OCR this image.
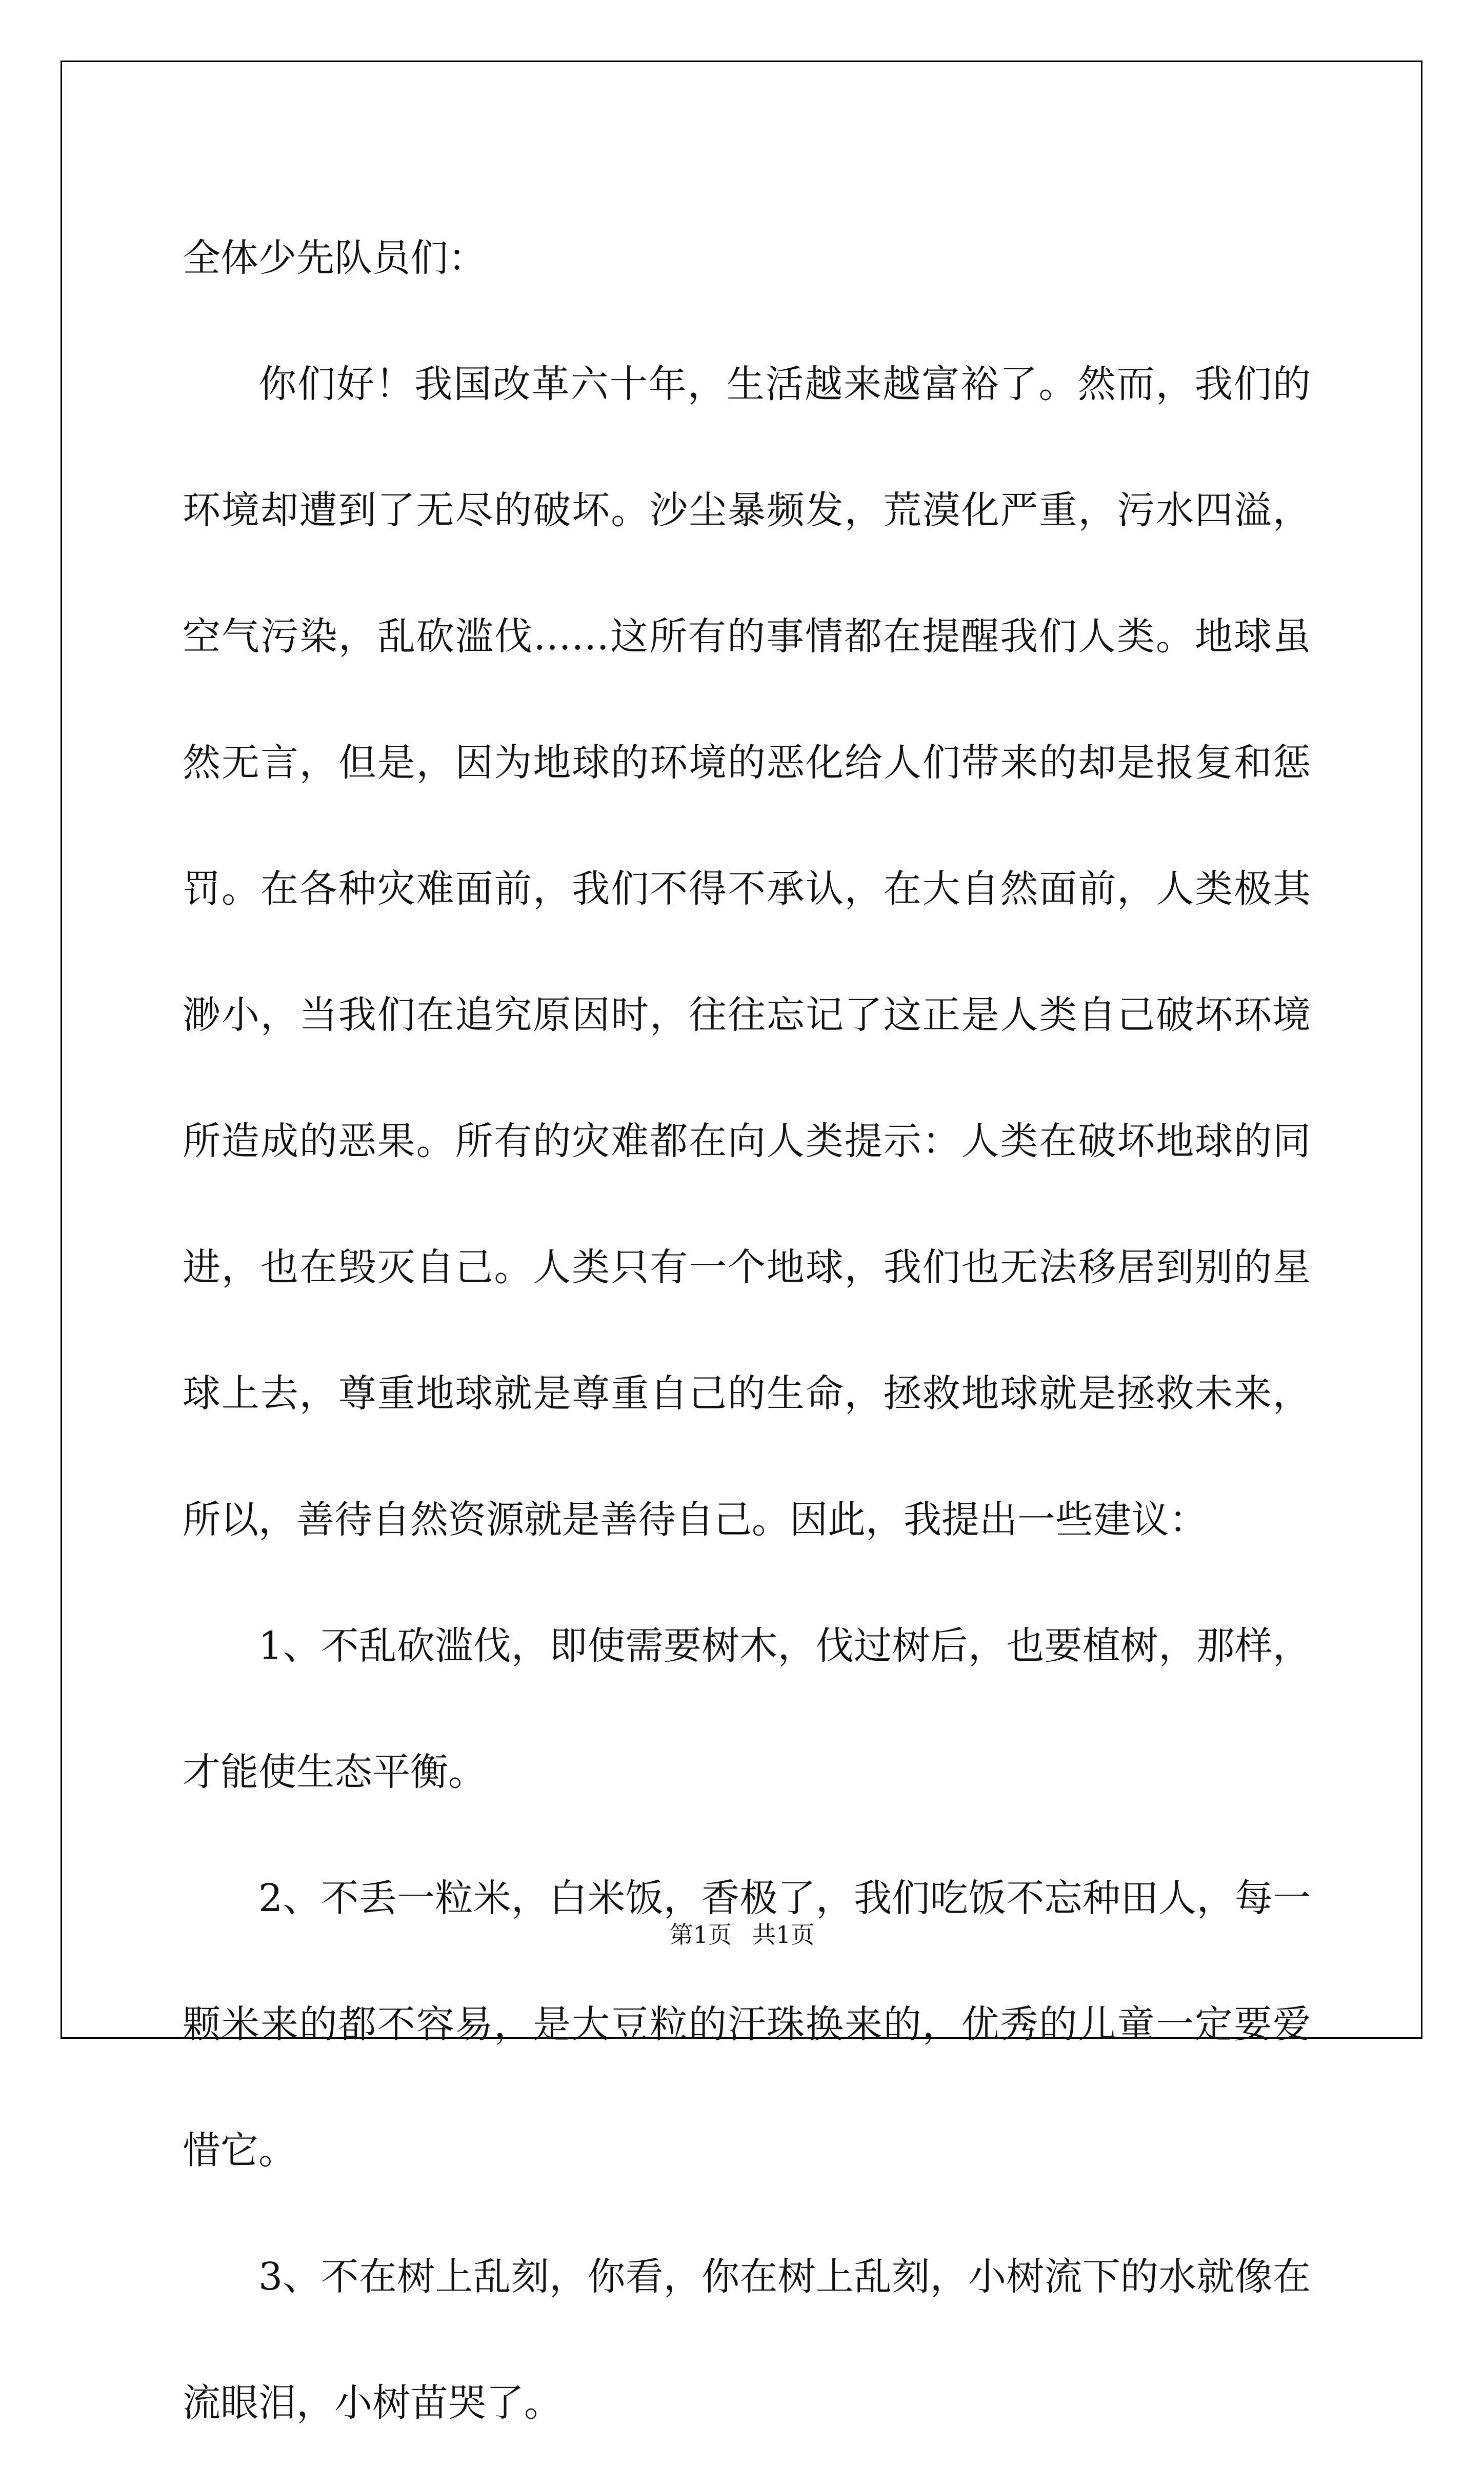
全体少先队员们：

你们好！我国改革六十年，生活越来越富裕了。然而，我们的环境却遭到了无尽的破坏。沙尘暴频发，荒漠化严重，污水四溢，空气污染，乱砍滥伐……这所有的事情都在提醒我们人类。地球虽然无言，但是，因为地球的环境的恶化给人们带来的却是报复和惩罚。在各种灾难面前，我们不得不承认，在大自然面前，人类极其渺小，当我们在追究原因时，往往忘记了这正是人类自己破坏环境所造成的恶果。所有的灾难都在向人类提示：人类在破坏地球的同进，也在毁灭自己。人类只有一个地球，我们也无法移居到别的星球上去，尊重地球就是尊重自己的生命，拯救地球就是拯救未来，所以，善待自然资源就是善待自己。因此，我提出一些建议：

1、不乱砍滥伐，即使需要树木，伐过树后，也要植树，那样，才能使生态平衡。

2、不丢一粒米，白米饭，香极了，我们吃饭不忘种田人，每一颗米来的都不容易，是大豆粒的汗珠换来的，优秀的儿童一定要爱惜它。

3、不在树上乱刻，你看，你在树上乱刻，小树流下的水就像在流眼泪，小树苗哭了。

第1页 共1页
